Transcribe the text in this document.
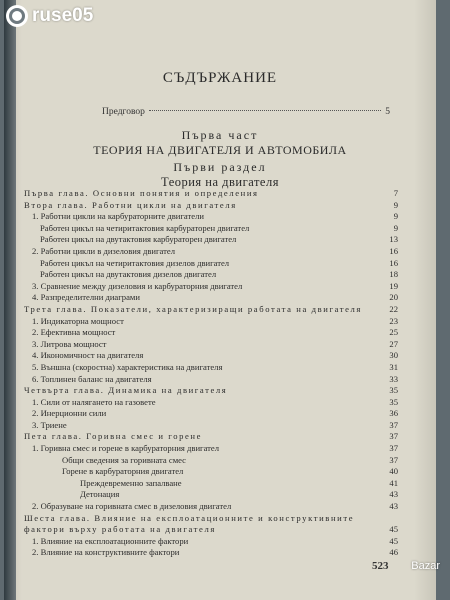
СЪДЪРЖАНИЕ
Предговор	5
Първа част
ТЕОРИЯ НА ДВИГАТЕЛЯ И АВТОМОБИЛА
Първи раздел
Теория на двигателя
Първа глава. Основни понятия и определения	7
Втора глава. Работни цикли на двигателя	9
1. Работни цикли на карбураторните двигатели	9
Работен цикъл на четиритактовия карбураторен двигател	9
Работен цикъл на двутактовия карбураторен двигател	13
2. Работни цикли в дизеловия двигател	16
Работен цикъл на четиритактовия дизелов двигател	16
Работен цикъл на двутактовия дизелов двигател	18
3. Сравнение между дизеловия и карбураторния двигател	19
4. Разпределителни диаграми	20
Трета глава. Показатели, характеризиращи работата на двигателя	22
1. Индикаторна мощност	23
2. Ефективна мощност	25
3. Литрова мощност	27
4. Икономичност на двигателя	30
5. Външна (скоростна) характеристика на двигателя	31
6. Топлинен баланс на двигателя	33
Четвърта глава. Динамика на двигателя	35
1. Сили от налягането на газовете	35
2. Инерционни сили	36
3. Триене	37
Пета глава. Горивна смес и горене	37
1. Горивна смес и горене в карбураторния двигател	37
Общи сведения за горивната смес	37
Горене в карбураторния двигател	40
Преждевременно запалване	41
Детонация	43
2. Образуване на горивната смес в дизеловия двигател	43
Шеста глава. Влияние на експлоатационните и конструктивните фактори върху работата на двигателя	45
1. Влияние на експлоатационните фактори	45
2. Влияние на конструктивните фактори	46
523
ruse05
Bazar
